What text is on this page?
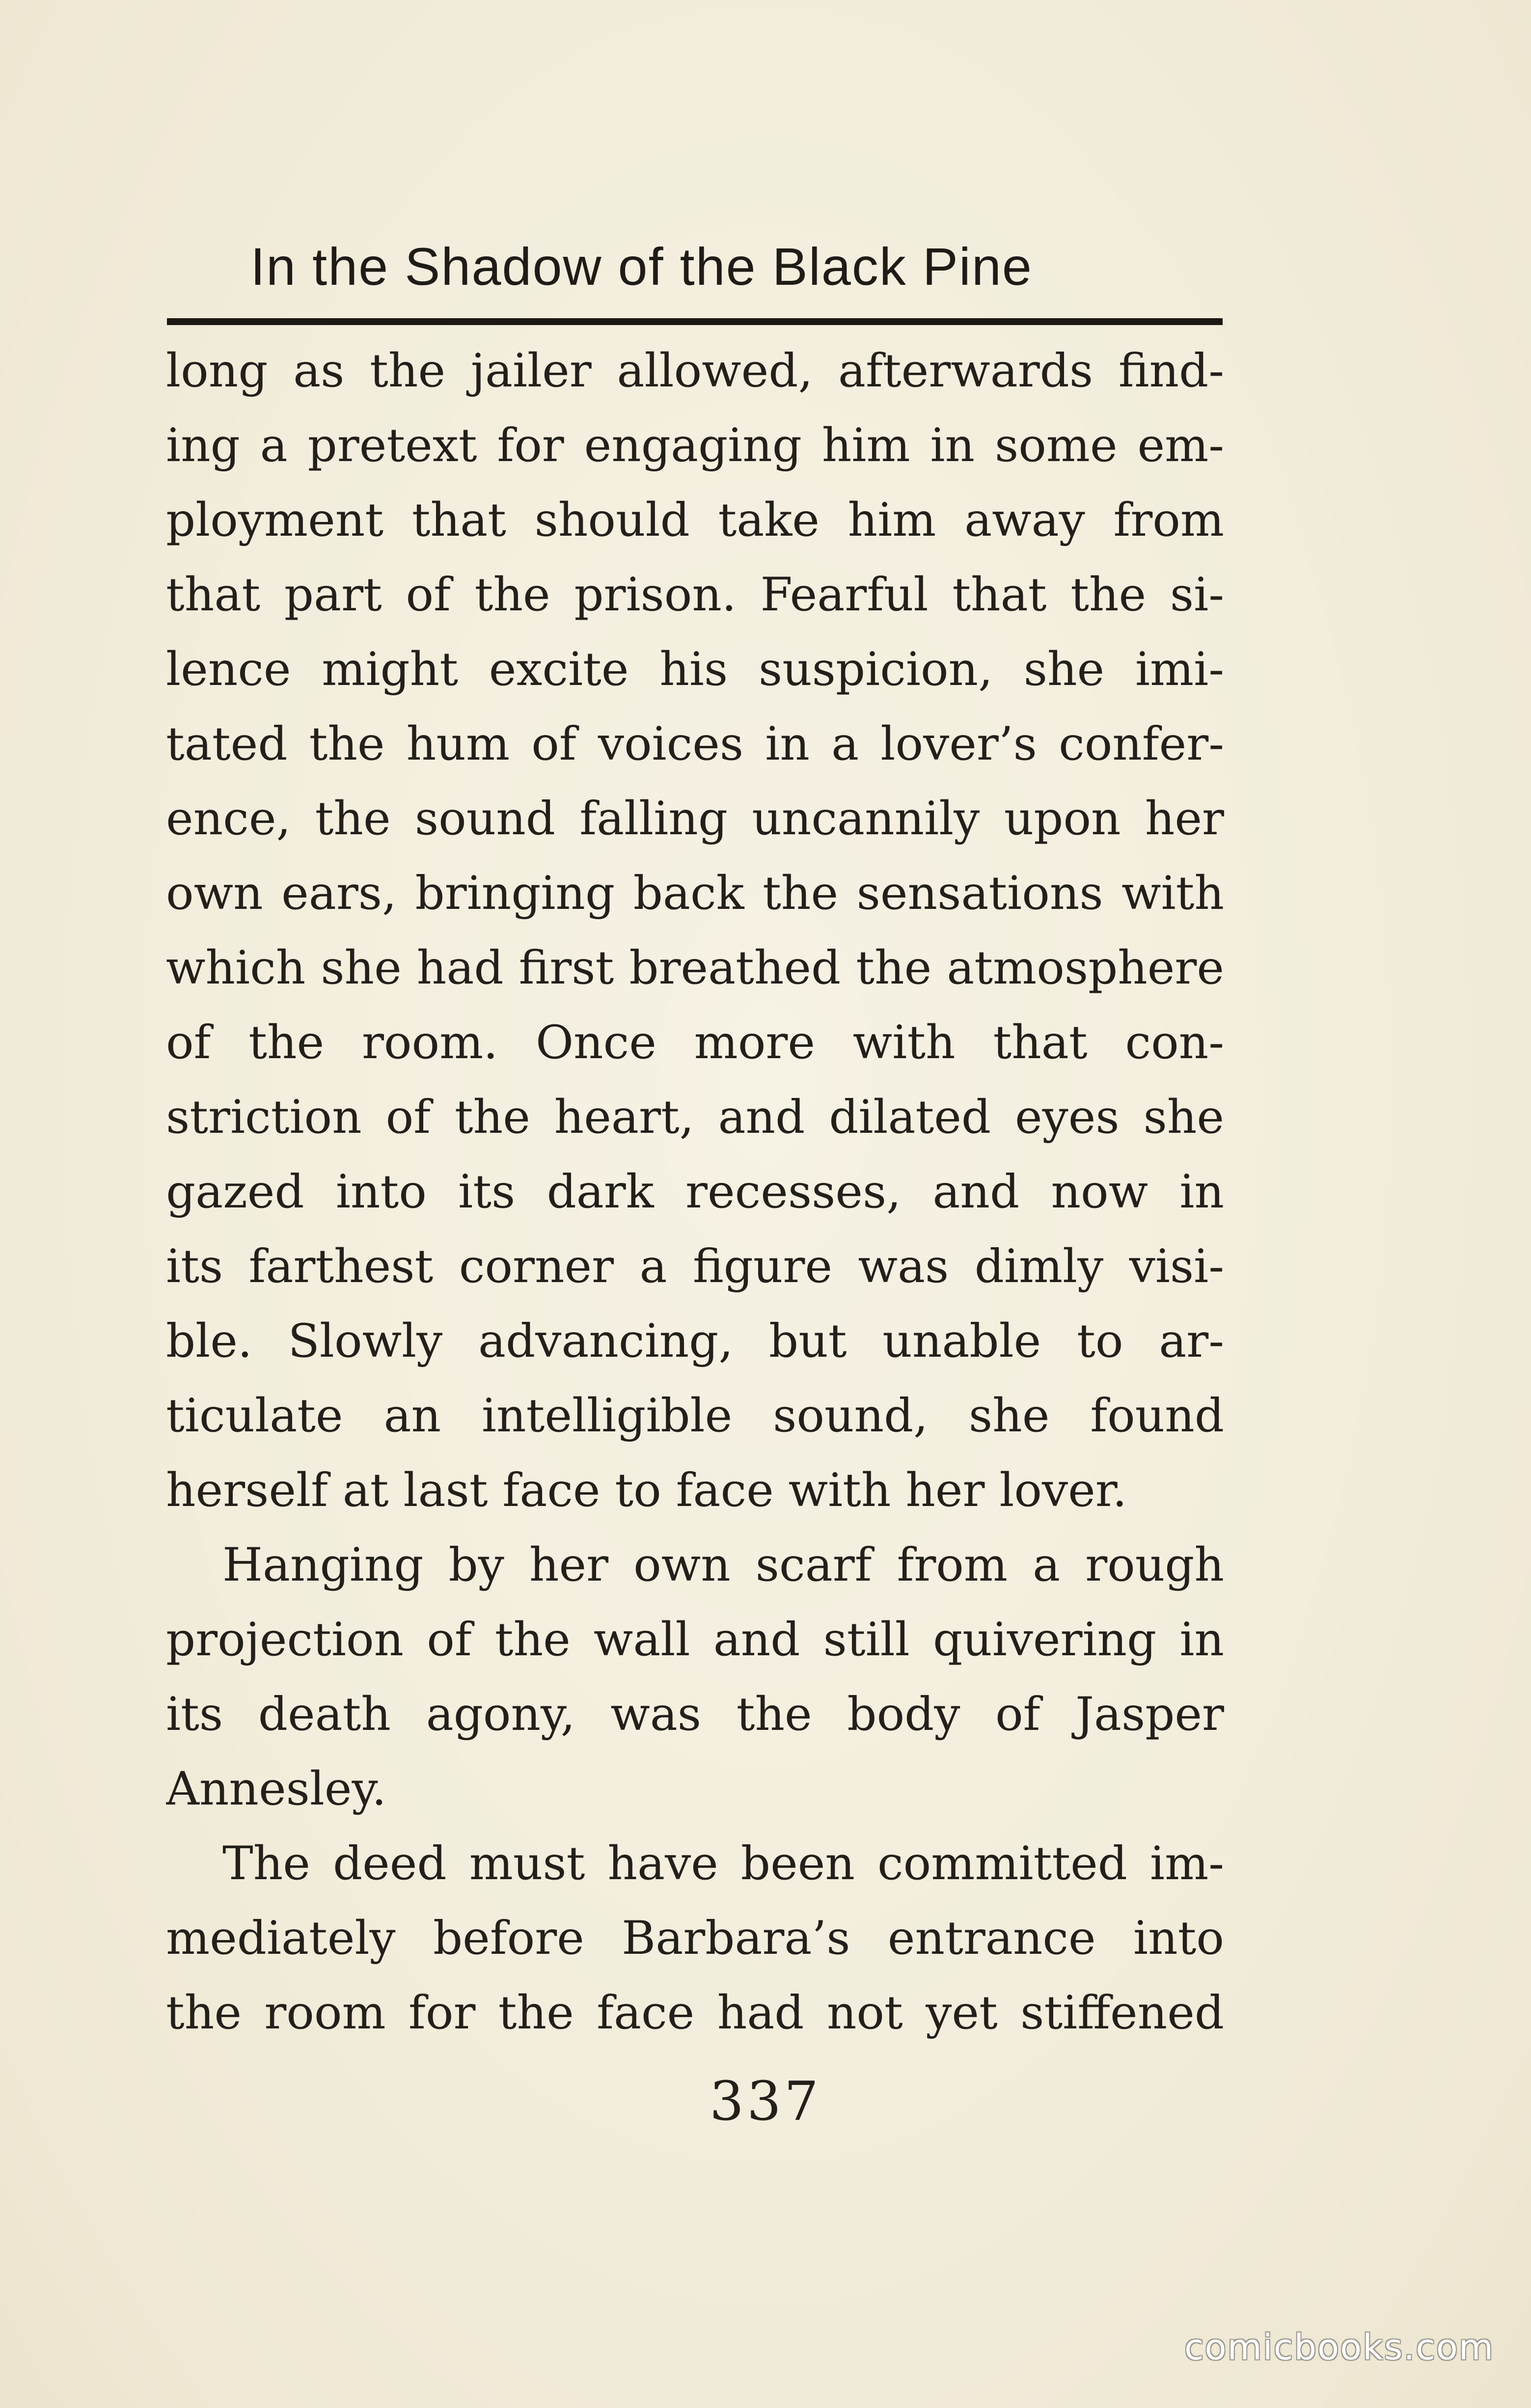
In the Shadow of the Black Pine
long as the jailer allowed, afterwards find-
ing a pretext for engaging him in some em-
ployment that should take him away from
that part of the prison. Fearful that the si-
lence might excite his suspicion, she imi-
tated the hum of voices in a lover’s confer-
ence, the sound falling uncannily upon her
own ears, bringing back the sensations with
which she had first breathed the atmosphere
of the room. Once more with that con-
striction of the heart, and dilated eyes she
gazed into its dark recesses, and now in
its farthest corner a figure was dimly visi-
ble. Slowly advancing, but unable to ar-
ticulate an intelligible sound, she found
herself at last face to face with her lover.
Hanging by her own scarf from a rough
projection of the wall and still quivering in
its death agony, was the body of Jasper
Annesley.
The deed must have been committed im-
mediately before Barbara’s entrance into
the room for the face had not yet stiffened
337
comicbooks.com
